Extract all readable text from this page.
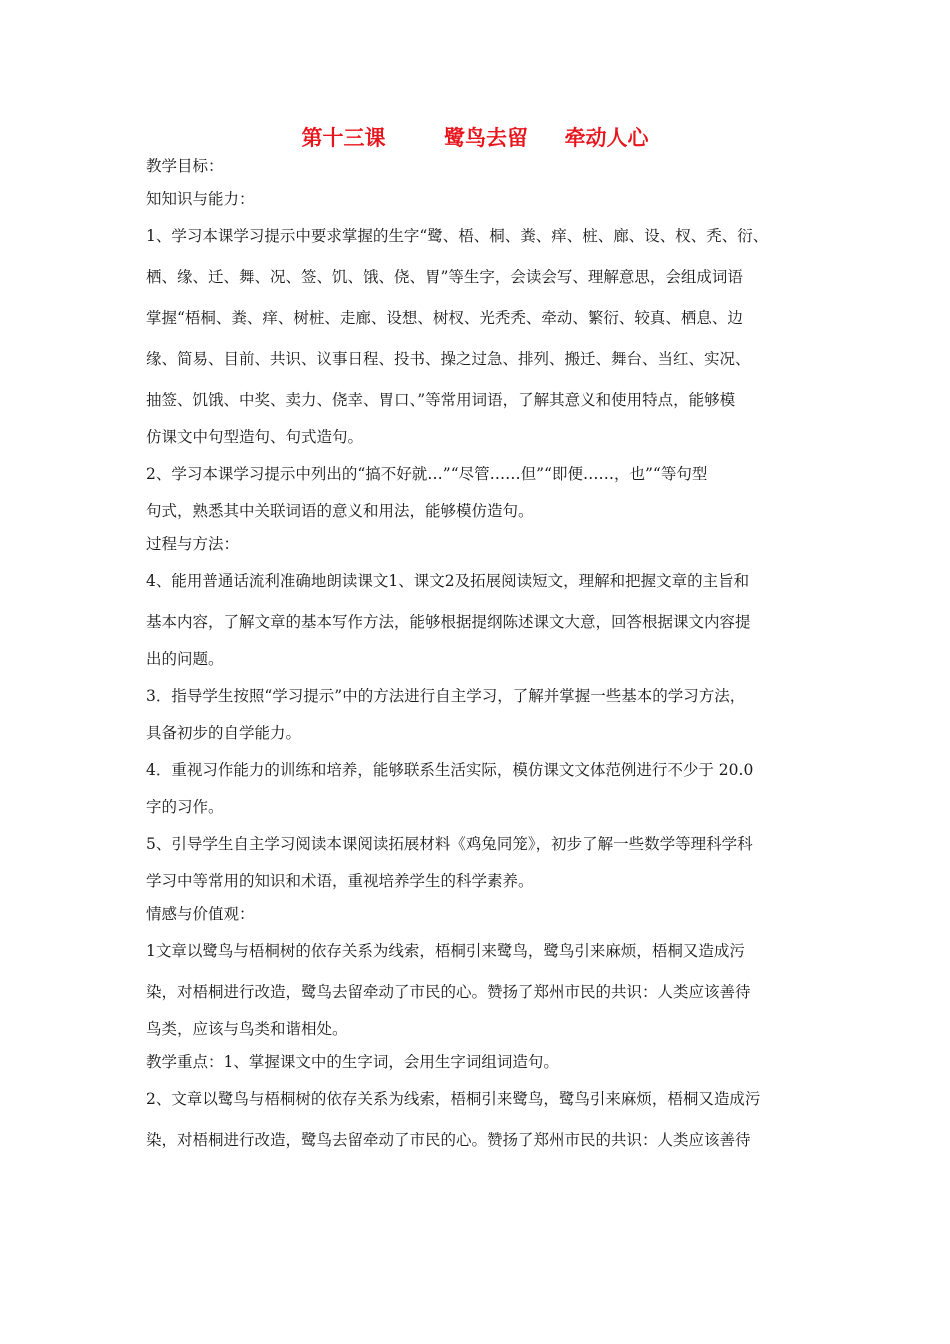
第十三课        鹭鸟去留     牵动人心
教学目标：
知知识与能力：
1、学习本课学习提示中要求掌握的生字“鹭、梧、桐、粪、痒、桩、廊、设、杈、秃、衍、
栖、缘、迁、舞、况、签、饥、饿、侥、胃”等生字，会读会写、理解意思，会组成词语
掌握“梧桐、粪、痒、树桩、走廊、设想、树杈、光秃秃、牵动、繁衍、较真、栖息、边
缘、简易、目前、共识、议事日程、投书、操之过急、排列、搬迁、舞台、当红、实况、
抽签、饥饿、中奖、卖力、侥幸、胃口、”等常用词语，了解其意义和使用特点，能够模
仿课文中句型造句、句式造句。
2、学习本课学习提示中列出的“搞不好就…”“尽管……但”“即便……，也”“等句型
句式，熟悉其中关联词语的意义和用法，能够模仿造句。
过程与方法：
4、能用普通话流利准确地朗读课文1、课文2及拓展阅读短文，理解和把握文章的主旨和
基本内容，了解文章的基本写作方法，能够根据提纲陈述课文大意，回答根据课文内容提
出的问题。
3．指导学生按照“学习提示”中的方法进行自主学习，了解并掌握一些基本的学习方法，
具备初步的自学能力。
4．重视习作能力的训练和培养，能够联系生活实际，模仿课文文体范例进行不少于 20.0
字的习作。
5、引导学生自主学习阅读本课阅读拓展材料《鸡兔同笼》，初步了解一些数学等理科学科
学习中等常用的知识和术语，重视培养学生的科学素养。
情感与价值观：
1文章以鹭鸟与梧桐树的依存关系为线索，梧桐引来鹭鸟，鹭鸟引来麻烦，梧桐又造成污
染，对梧桐进行改造，鹭鸟去留牵动了市民的心。赞扬了郑州市民的共识：人类应该善待
鸟类，应该与鸟类和谐相处。
教学重点：1、掌握课文中的生字词，会用生字词组词造句。
2、文章以鹭鸟与梧桐树的依存关系为线索，梧桐引来鹭鸟，鹭鸟引来麻烦，梧桐又造成污
染，对梧桐进行改造，鹭鸟去留牵动了市民的心。赞扬了郑州市民的共识：人类应该善待
